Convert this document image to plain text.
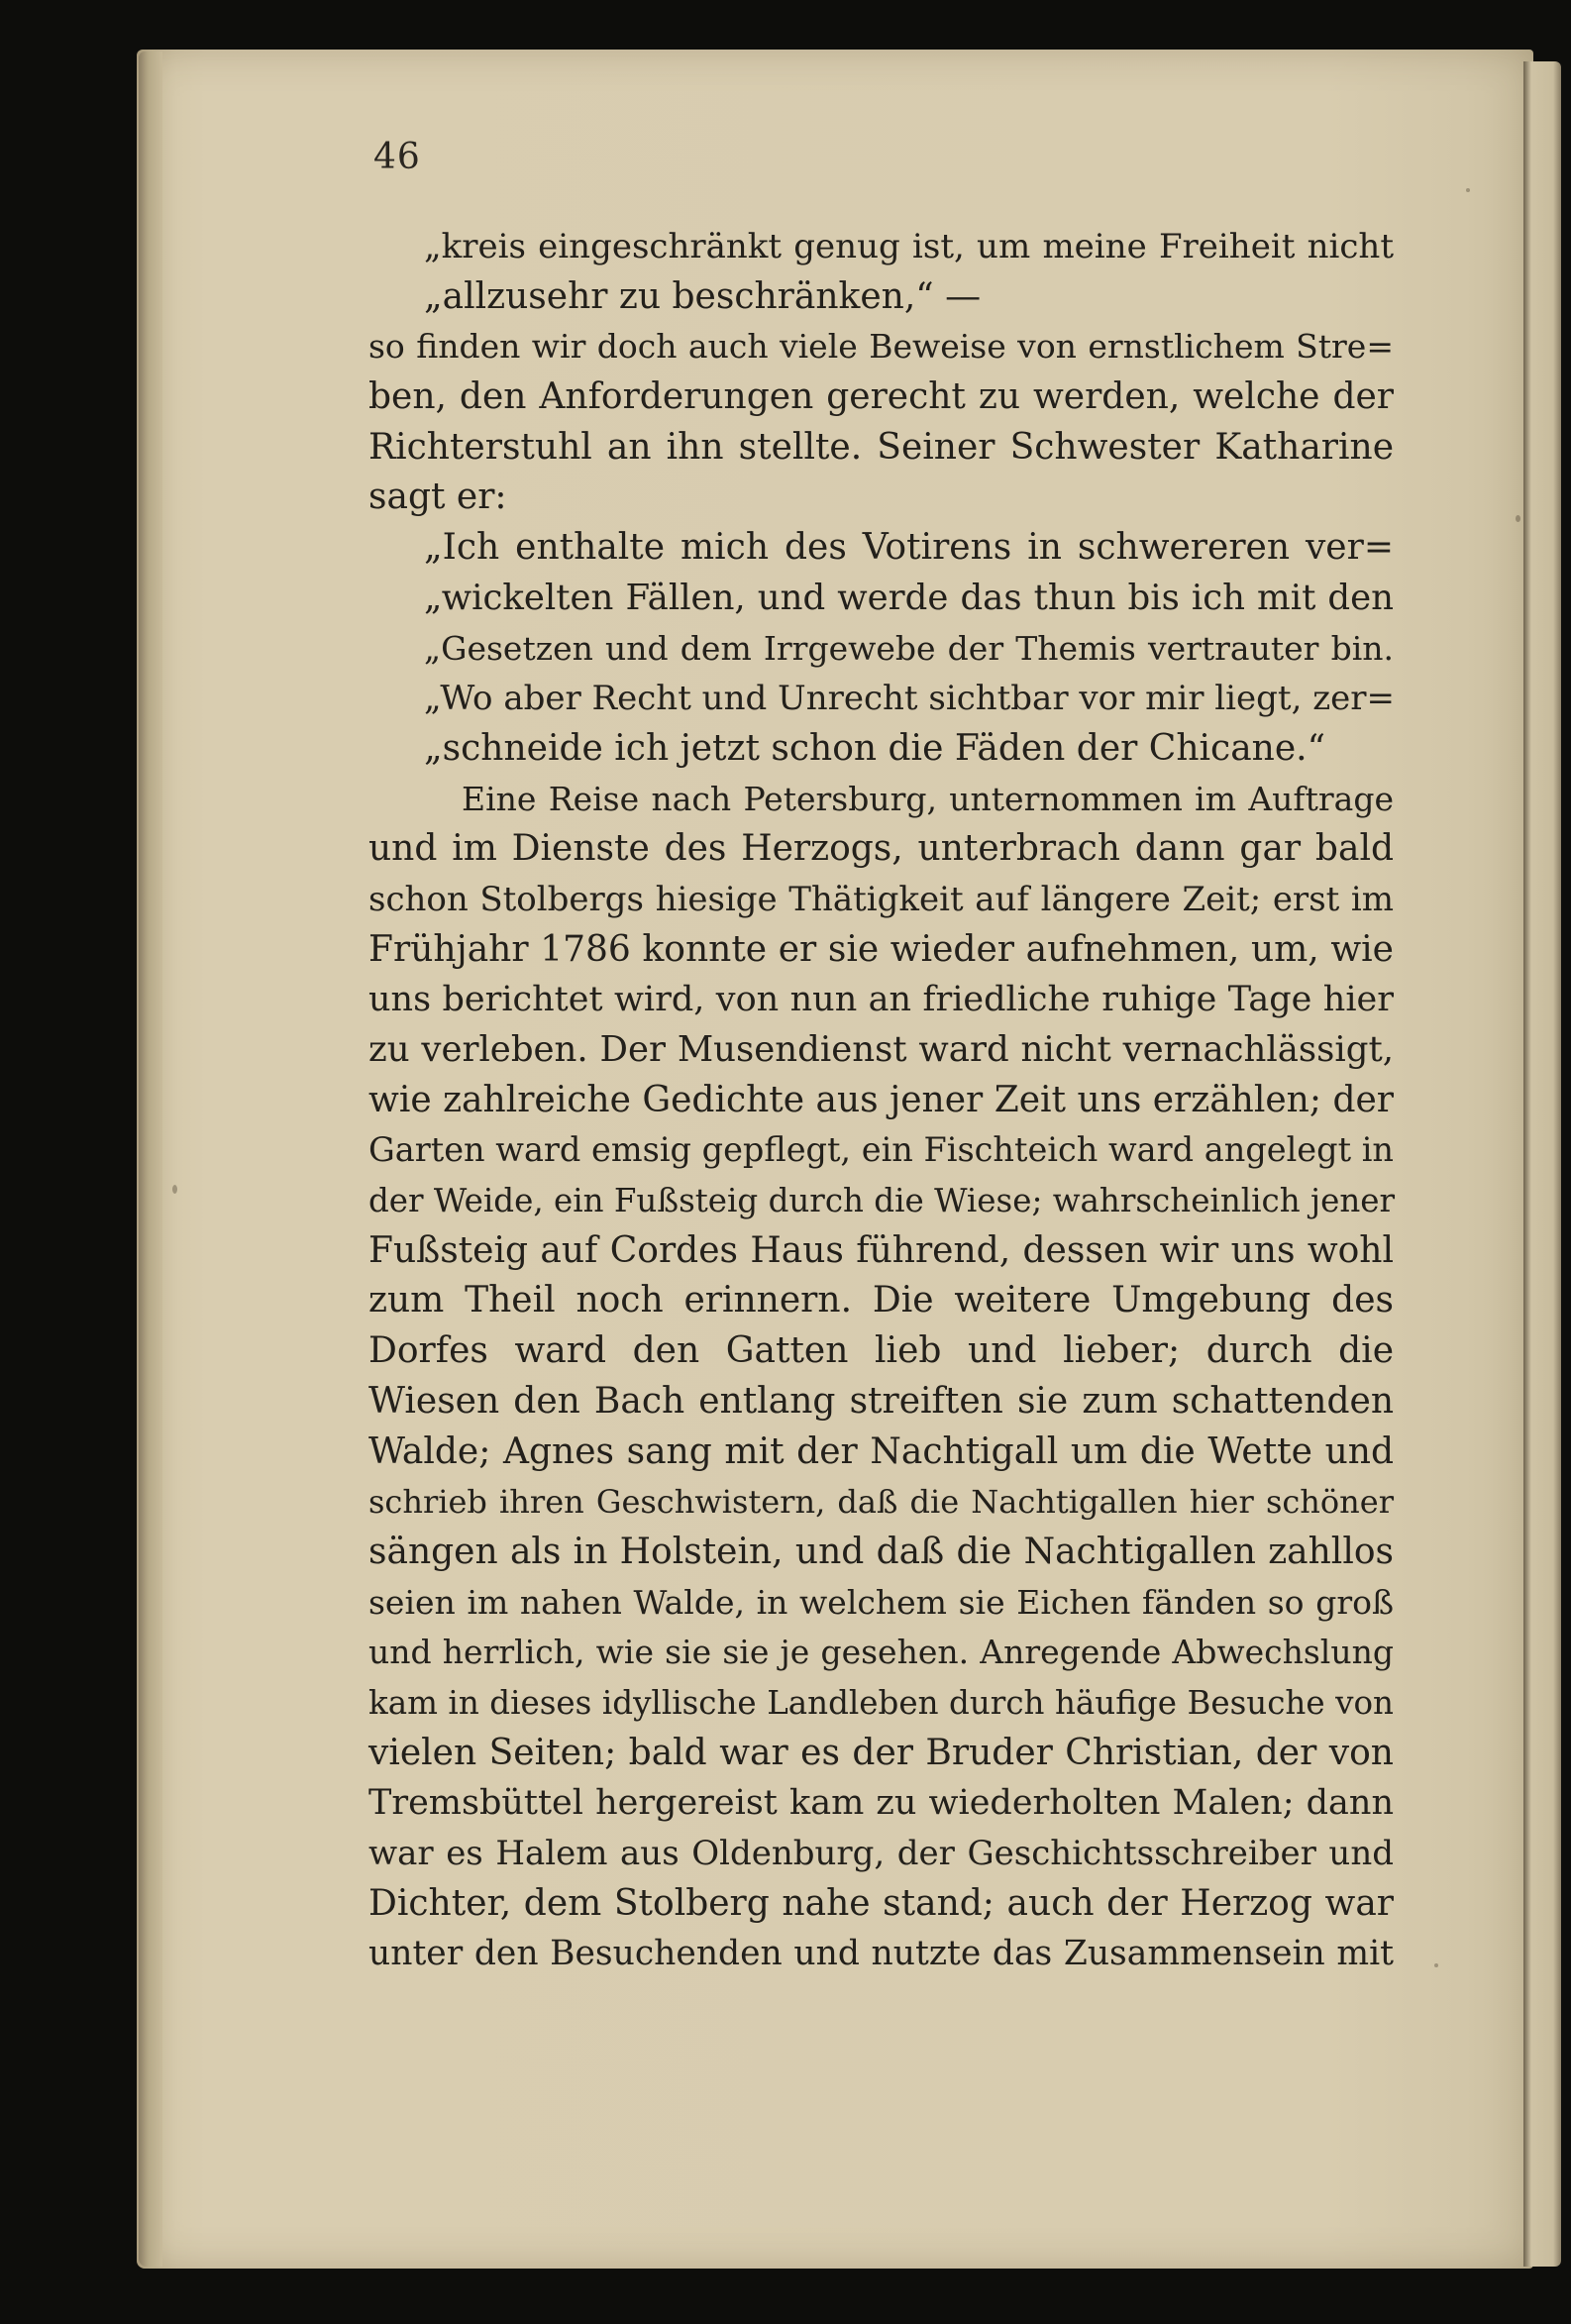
46
„kreis eingeschränkt genug ist, um meine Freiheit nicht
„allzusehr zu beschränken,“ —
so finden wir doch auch viele Beweise von ernstlichem Stre=
ben, den Anforderungen gerecht zu werden, welche der
Richterstuhl an ihn stellte. Seiner Schwester Katharine
sagt er:
„Ich enthalte mich des Votirens in schwereren ver=
„wickelten Fällen, und werde das thun bis ich mit den
„Gesetzen und dem Irrgewebe der Themis vertrauter bin.
„Wo aber Recht und Unrecht sichtbar vor mir liegt, zer=
„schneide ich jetzt schon die Fäden der Chicane.“
Eine Reise nach Petersburg, unternommen im Auftrage
und im Dienste des Herzogs, unterbrach dann gar bald
schon Stolbergs hiesige Thätigkeit auf längere Zeit; erst im
Frühjahr 1786 konnte er sie wieder aufnehmen, um, wie
uns berichtet wird, von nun an friedliche ruhige Tage hier
zu verleben. Der Musendienst ward nicht vernachlässigt,
wie zahlreiche Gedichte aus jener Zeit uns erzählen; der
Garten ward emsig gepflegt, ein Fischteich ward angelegt in
der Weide, ein Fußsteig durch die Wiese; wahrscheinlich jener
Fußsteig auf Cordes Haus führend, dessen wir uns wohl
zum Theil noch erinnern. Die weitere Umgebung des
Dorfes ward den Gatten lieb und lieber; durch die
Wiesen den Bach entlang streiften sie zum schattenden
Walde; Agnes sang mit der Nachtigall um die Wette und
schrieb ihren Geschwistern, daß die Nachtigallen hier schöner
sängen als in Holstein, und daß die Nachtigallen zahllos
seien im nahen Walde, in welchem sie Eichen fänden so groß
und herrlich, wie sie sie je gesehen. Anregende Abwechslung
kam in dieses idyllische Landleben durch häufige Besuche von
vielen Seiten; bald war es der Bruder Christian, der von
Tremsbüttel hergereist kam zu wiederholten Malen; dann
war es Halem aus Oldenburg, der Geschichtsschreiber und
Dichter, dem Stolberg nahe stand; auch der Herzog war
unter den Besuchenden und nutzte das Zusammensein mit
